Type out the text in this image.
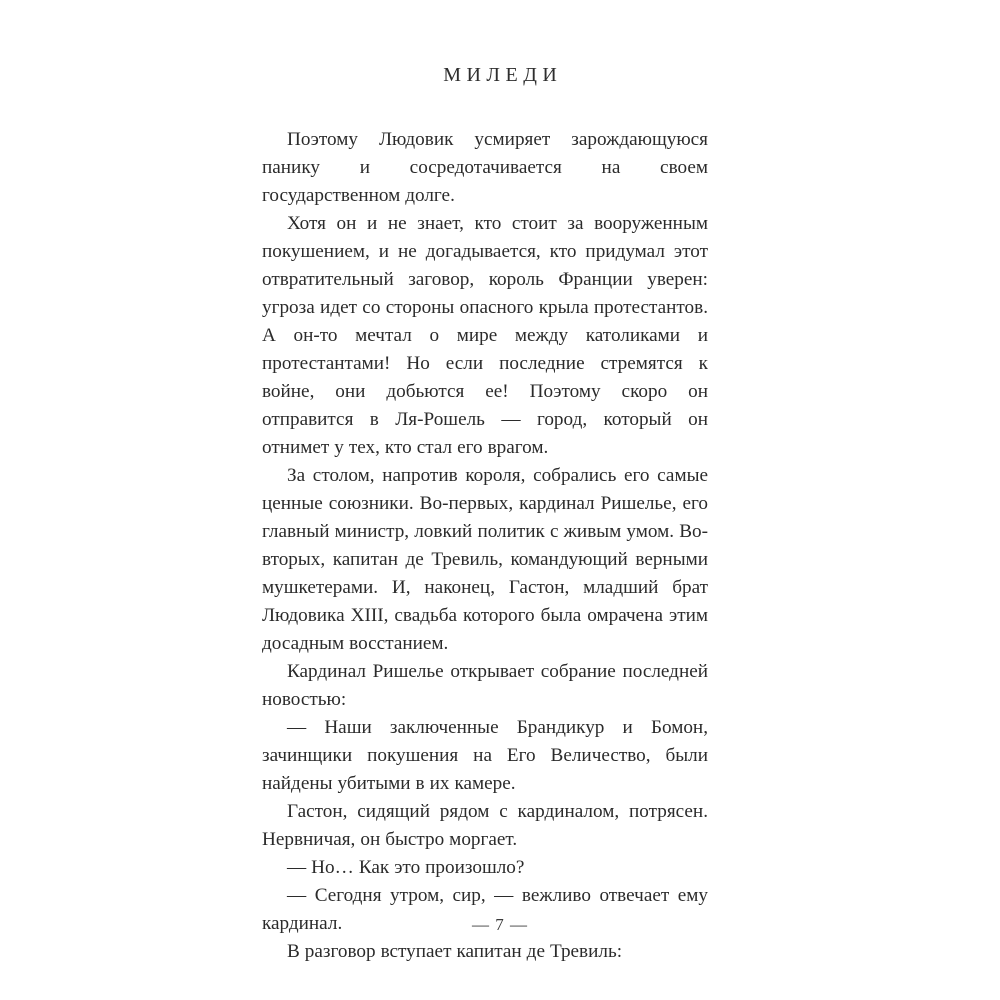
МИЛЕДИ

Поэтому Людовик усмиряет зарождающуюся панику и сосредотачивается на своем государственном долге.

Хотя он и не знает, кто стоит за вооруженным покушением, и не догадывается, кто придумал этот отвратительный заговор, король Франции уверен: угроза идет со стороны опасного крыла протестантов. А он-то мечтал о мире между католиками и протестантами! Но если последние стремятся к войне, они добьются ее! Поэтому скоро он отправится в Ля-Рошель — город, который он отнимет у тех, кто стал его врагом.

За столом, напротив короля, собрались его самые ценные союзники. Во-первых, кардинал Ришелье, его главный министр, ловкий политик с живым умом. Во-вторых, капитан де Тревиль, командующий верными мушкетерами. И, наконец, Гастон, младший брат Людовика XIII, свадьба которого была омрачена этим досадным восстанием.

Кардинал Ришелье открывает собрание последней новостью:

— Наши заключенные Брандикур и Бомон, зачинщики покушения на Его Величество, были найдены убитыми в их камере.

Гастон, сидящий рядом с кардиналом, потрясен. Нервничая, он быстро моргает.

— Но… Как это произошло?

— Сегодня утром, сир, — вежливо отвечает ему кардинал.

В разговор вступает капитан де Тревиль:

— 7 —
